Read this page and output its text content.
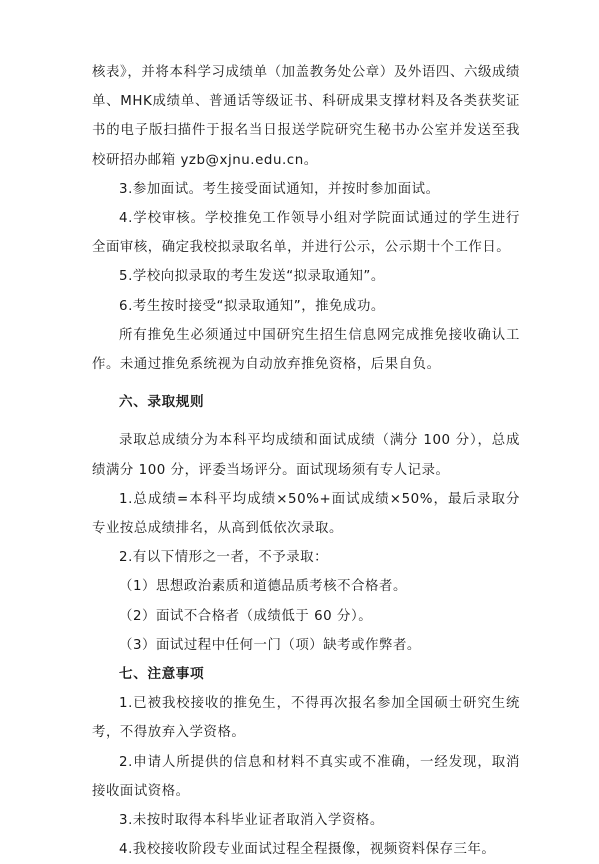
核表》，并将本科学习成绩单（加盖教务处公章）及外语四、六级成绩单、MHK成绩单、普通话等级证书、科研成果支撑材料及各类获奖证书的电子版扫描件于报名当日报送学院研究生秘书办公室并发送至我校研招办邮箱 yzb@xjnu.edu.cn。

3.参加面试。考生接受面试通知，并按时参加面试。

4.学校审核。学校推免工作领导小组对学院面试通过的学生进行全面审核，确定我校拟录取名单，并进行公示，公示期十个工作日。

5.学校向拟录取的考生发送“拟录取通知”。

6.考生按时接受“拟录取通知”，推免成功。

所有推免生必须通过中国研究生招生信息网完成推免接收确认工作。未通过推免系统视为自动放弃推免资格，后果自负。

六、录取规则

录取总成绩分为本科平均成绩和面试成绩（满分 100 分），总成绩满分 100 分，评委当场评分。面试现场须有专人记录。

1.总成绩=本科平均成绩×50%+面试成绩×50%，最后录取分专业按总成绩排名，从高到低依次录取。

2.有以下情形之一者，不予录取：

（1）思想政治素质和道德品质考核不合格者。

（2）面试不合格者（成绩低于 60 分）。

（3）面试过程中任何一门（项）缺考或作弊者。

七、注意事项

1.已被我校接收的推免生，不得再次报名参加全国硕士研究生统考，不得放弃入学资格。

2.申请人所提供的信息和材料不真实或不准确，一经发现，取消接收面试资格。

3.未按时取得本科毕业证者取消入学资格。

4.我校接收阶段专业面试过程全程摄像，视频资料保存三年。
